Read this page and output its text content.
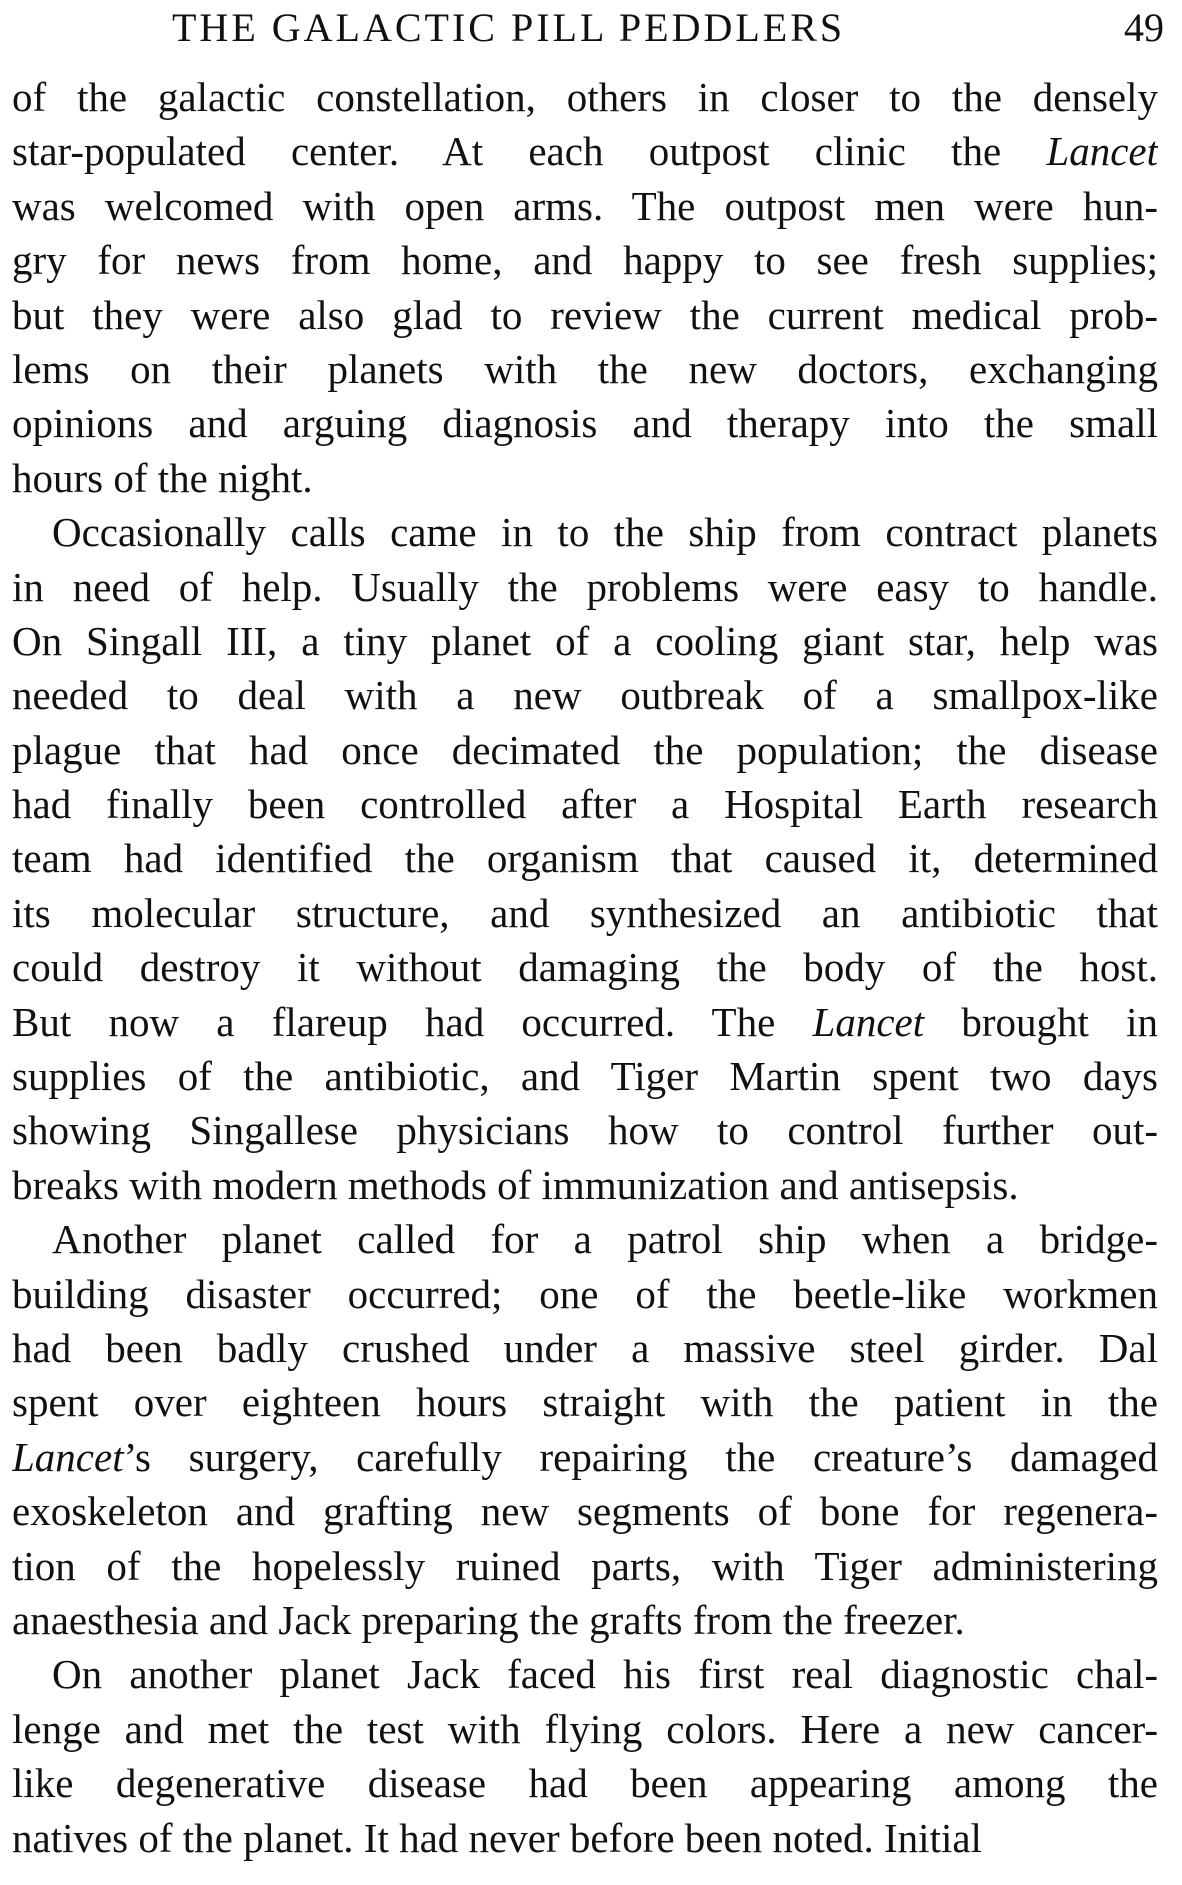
THE GALACTIC PILL PEDDLERS	49
of the galactic constellation, others in closer to the densely
star-populated center. At each outpost clinic the Lancet
was welcomed with open arms. The outpost men were hun-
gry for news from home, and happy to see fresh supplies;
but they were also glad to review the current medical prob-
lems on their planets with the new doctors, exchanging
opinions and arguing diagnosis and therapy into the small
hours of the night.
Occasionally calls came in to the ship from contract planets
in need of help. Usually the problems were easy to handle.
On Singall III, a tiny planet of a cooling giant star, help was
needed to deal with a new outbreak of a smallpox-like
plague that had once decimated the population; the disease
had finally been controlled after a Hospital Earth research
team had identified the organism that caused it, determined
its molecular structure, and synthesized an antibiotic that
could destroy it without damaging the body of the host.
But now a flareup had occurred. The Lancet brought in
supplies of the antibiotic, and Tiger Martin spent two days
showing Singallese physicians how to control further out-
breaks with modern methods of immunization and antisepsis.
Another planet called for a patrol ship when a bridge-
building disaster occurred; one of the beetle-like workmen
had been badly crushed under a massive steel girder. Dal
spent over eighteen hours straight with the patient in the
Lancet’s surgery, carefully repairing the creature’s damaged
exoskeleton and grafting new segments of bone for regenera-
tion of the hopelessly ruined parts, with Tiger administering
anaesthesia and Jack preparing the grafts from the freezer.
On another planet Jack faced his first real diagnostic chal-
lenge and met the test with flying colors. Here a new cancer-
like degenerative disease had been appearing among the
natives of the planet. It had never before been noted. Initial
